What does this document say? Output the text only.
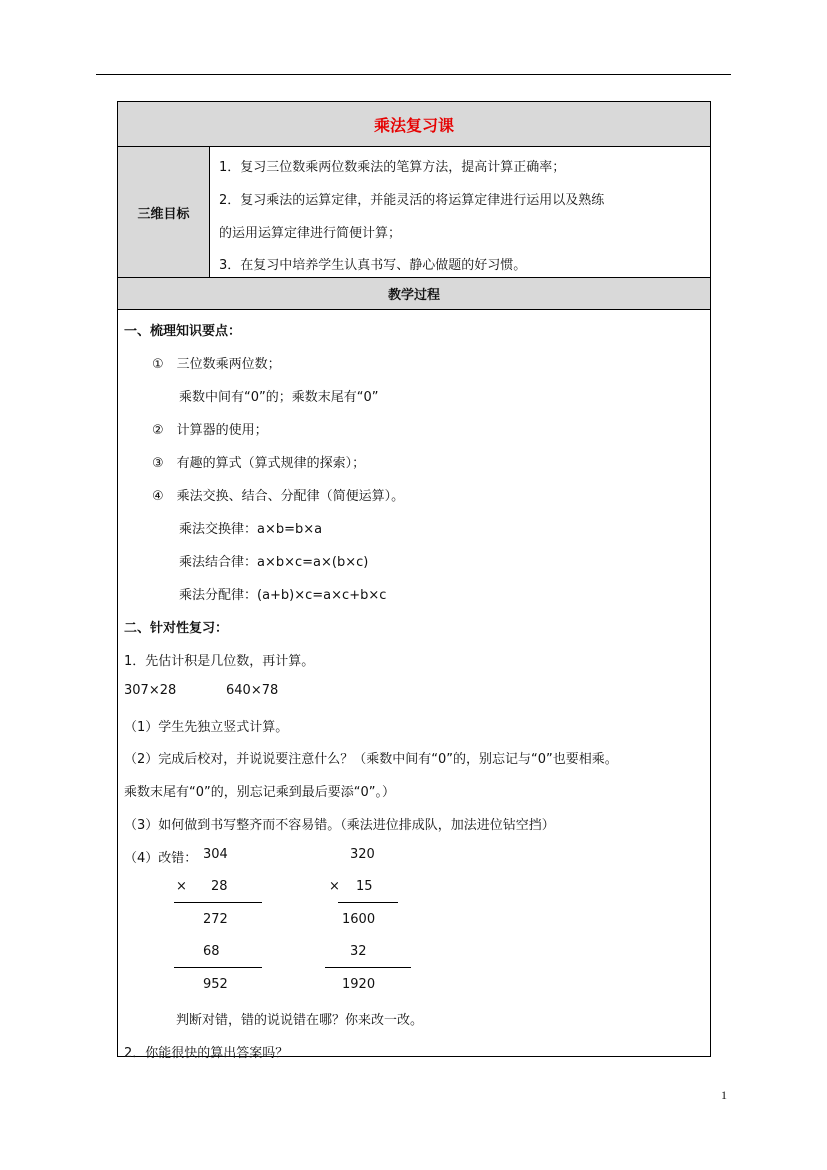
乘法复习课
三维目标
1．复习三位数乘两位数乘法的笔算方法，提高计算正确率；
2．复习乘法的运算定律，并能灵活的将运算定律进行运用以及熟练
的运用运算定律进行简便计算；
3．在复习中培养学生认真书写、静心做题的好习惯。
教学过程
一、梳理知识要点：
①　三位数乘两位数；
乘数中间有“0”的；乘数末尾有“0”
②　计算器的使用；
③　有趣的算式（算式规律的探索）；
④　乘法交换、结合、分配律（简便运算）。
乘法交换律：a×b=b×a
乘法结合律：a×b×c=a×(b×c)
乘法分配律：(a+b)×c=a×c+b×c
二、针对性复习：
1．先估计积是几位数，再计算。
307×28	640×78
（1）学生先独立竖式计算。
（2）完成后校对，并说说要注意什么？（乘数中间有“0”的，别忘记与“0”也要相乘。
乘数末尾有“0”的，别忘记乘到最后要添“0”。）
（3）如何做到书写整齐而不容易错。（乘法进位排成队，加法进位钻空挡）
（4）改错： 304
× 28
272
68
952
320
× 15
1600
32
1920
判断对错，错的说说错在哪？你来改一改。
2．你能很快的算出答案吗？
1
